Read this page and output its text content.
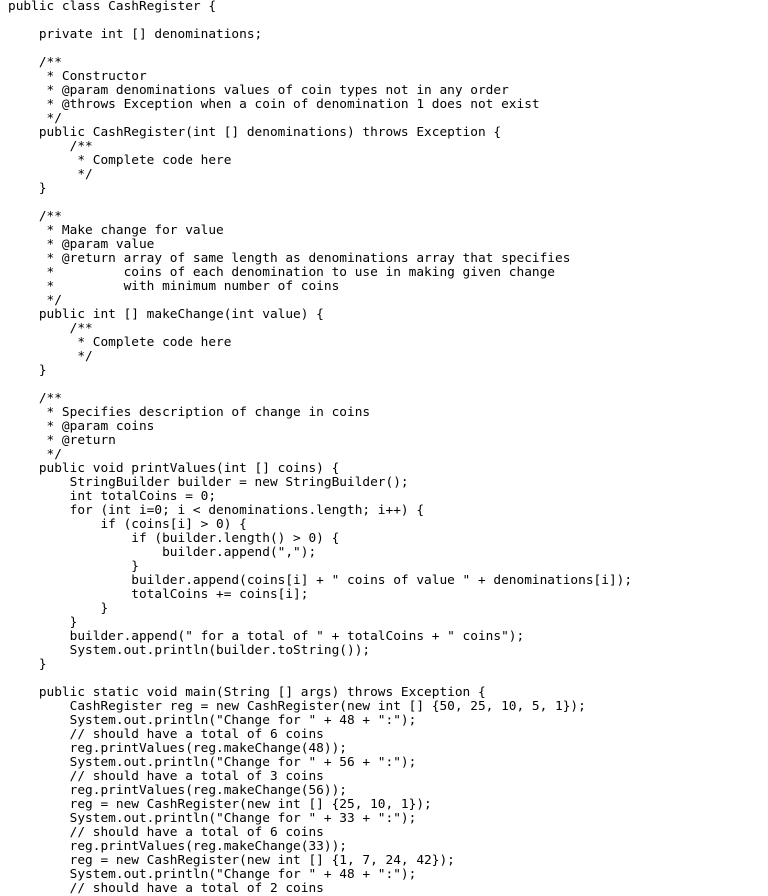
public class CashRegister {
private int [] denominations;
/**
* Constructor
* @param denominations values of coin types not in any order
* @throws Exception when a coin of denomination 1 does not exist
*/
public CashRegister(int [] denominations) throws Exception {
/**
* Complete code here
*/
}
/**
* Make change for value
* @param value
* @return array of same length as denominations array that specifies
*         coins of each denomination to use in making given change
*         with minimum number of coins
*/
public int [] makeChange(int value) {
/**
* Complete code here
*/
}
/**
* Specifies description of change in coins
* @param coins
* @return
*/
public void printValues(int [] coins) {
StringBuilder builder = new StringBuilder();
int totalCoins = 0;
for (int i=0; i < denominations.length; i++) {
if (coins[i] > 0) {
if (builder.length() > 0) {
builder.append(",");
}
builder.append(coins[i] + " coins of value " + denominations[i]);
totalCoins += coins[i];
}
}
builder.append(" for a total of " + totalCoins + " coins");
System.out.println(builder.toString());
}
public static void main(String [] args) throws Exception {
CashRegister reg = new CashRegister(new int [] {50, 25, 10, 5, 1});
System.out.println("Change for " + 48 + ":");
// should have a total of 6 coins
reg.printValues(reg.makeChange(48));
System.out.println("Change for " + 56 + ":");
// should have a total of 3 coins
reg.printValues(reg.makeChange(56));
reg = new CashRegister(new int [] {25, 10, 1});
System.out.println("Change for " + 33 + ":");
// should have a total of 6 coins
reg.printValues(reg.makeChange(33));
reg = new CashRegister(new int [] {1, 7, 24, 42});
System.out.println("Change for " + 48 + ":");
// should have a total of 2 coins
